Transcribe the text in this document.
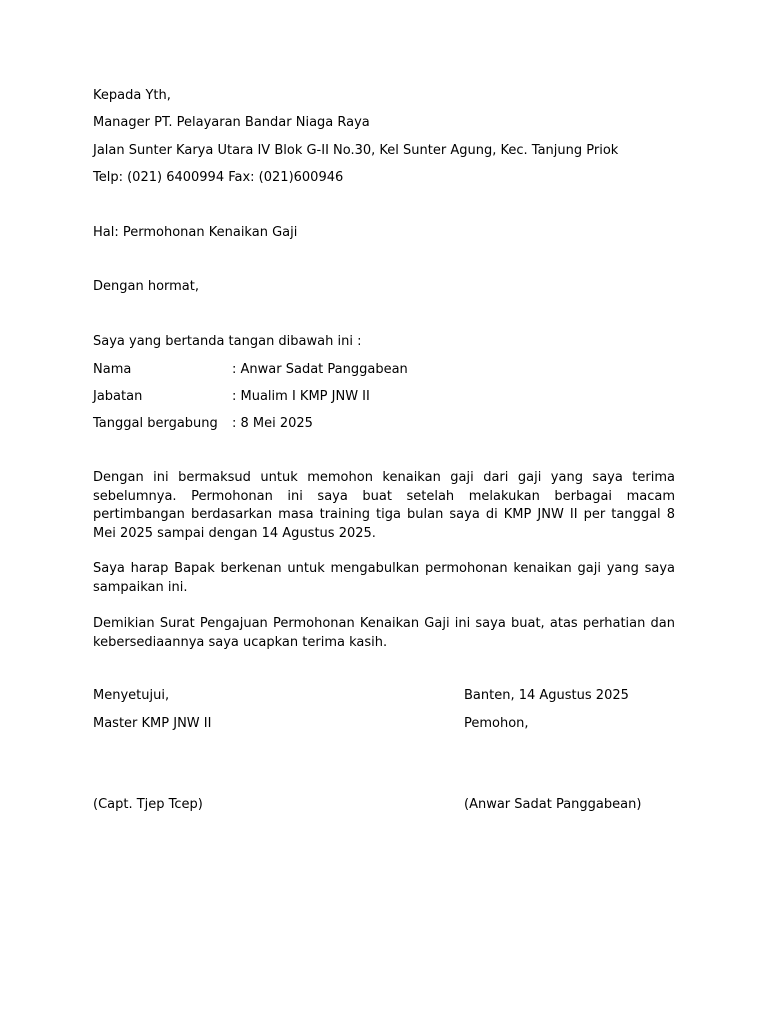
Kepada Yth,
Manager PT. Pelayaran Bandar Niaga Raya
Jalan Sunter Karya Utara IV Blok G-II No.30, Kel Sunter Agung, Kec. Tanjung Priok
Telp: (021) 6400994 Fax: (021)600946
Hal: Permohonan Kenaikan Gaji
Dengan hormat,
Saya yang bertanda tangan dibawah ini :
Nama	: Anwar Sadat Panggabean
Jabatan	: Mualim I KMP JNW II
Tanggal bergabung : 8 Mei 2025
Dengan ini bermaksud untuk memohon kenaikan gaji dari gaji yang saya terima sebelumnya. Permohonan ini saya buat setelah melakukan berbagai macam pertimbangan berdasarkan masa training tiga bulan saya di KMP JNW II per tanggal 8 Mei 2025 sampai dengan 14 Agustus 2025.
Saya harap Bapak berkenan untuk mengabulkan permohonan kenaikan gaji yang saya sampaikan ini.
Demikian Surat Pengajuan Permohonan Kenaikan Gaji ini saya buat, atas perhatian dan kebersediaannya saya ucapkan terima kasih.
Menyetujui,
Master KMP JNW II
(Capt. Tjep Tcep)
Banten, 14 Agustus 2025
Pemohon,
(Anwar Sadat Panggabean)
